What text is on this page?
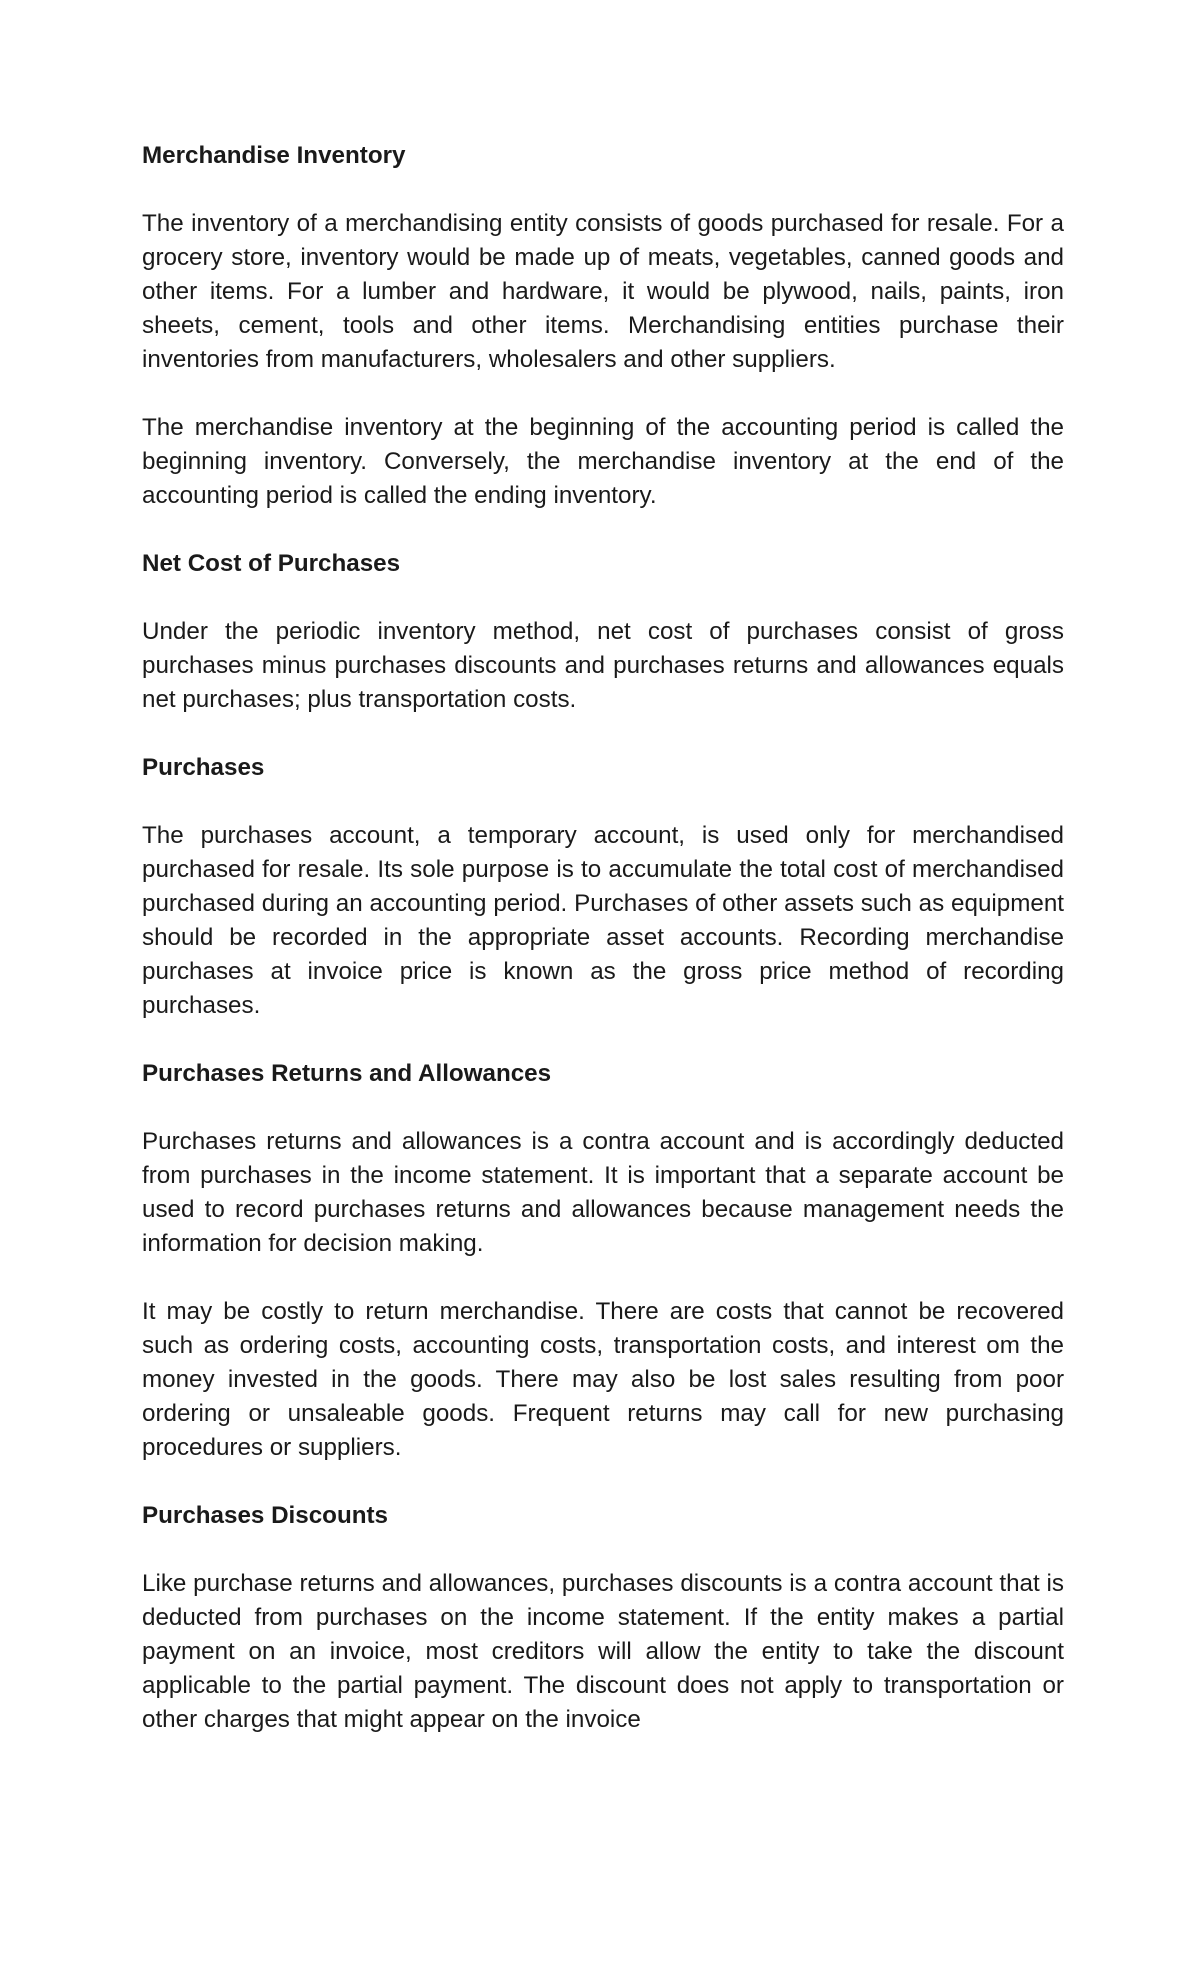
Merchandise Inventory

The inventory of a merchandising entity consists of goods purchased for resale. For a grocery store, inventory would be made up of meats, vegetables, canned goods and other items. For a lumber and hardware, it would be plywood, nails, paints, iron sheets, cement, tools and other items. Merchandising entities purchase their inventories from manufacturers, wholesalers and other suppliers.

The merchandise inventory at the beginning of the accounting period is called the beginning inventory. Conversely, the merchandise inventory at the end of the accounting period is called the ending inventory.

Net Cost of Purchases

Under the periodic inventory method, net cost of purchases consist of gross purchases minus purchases discounts and purchases returns and allowances equals net purchases; plus transportation costs.

Purchases

The purchases account, a temporary account, is used only for merchandised purchased for resale. Its sole purpose is to accumulate the total cost of merchandised purchased during an accounting period. Purchases of other assets such as equipment should be recorded in the appropriate asset accounts. Recording merchandise purchases at invoice price is known as the gross price method of recording purchases.

Purchases Returns and Allowances

Purchases returns and allowances is a contra account and is accordingly deducted from purchases in the income statement. It is important that a separate account be used to record purchases returns and allowances because management needs the information for decision making.

It may be costly to return merchandise. There are costs that cannot be recovered such as ordering costs, accounting costs, transportation costs, and interest om the money invested in the goods. There may also be lost sales resulting from poor ordering or unsaleable goods. Frequent returns may call for new purchasing procedures or suppliers.

Purchases Discounts

Like purchase returns and allowances, purchases discounts is a contra account that is deducted from purchases on the income statement. If the entity makes a partial payment on an invoice, most creditors will allow the entity to take the discount applicable to the partial payment. The discount does not apply to transportation or other charges that might appear on the invoice
